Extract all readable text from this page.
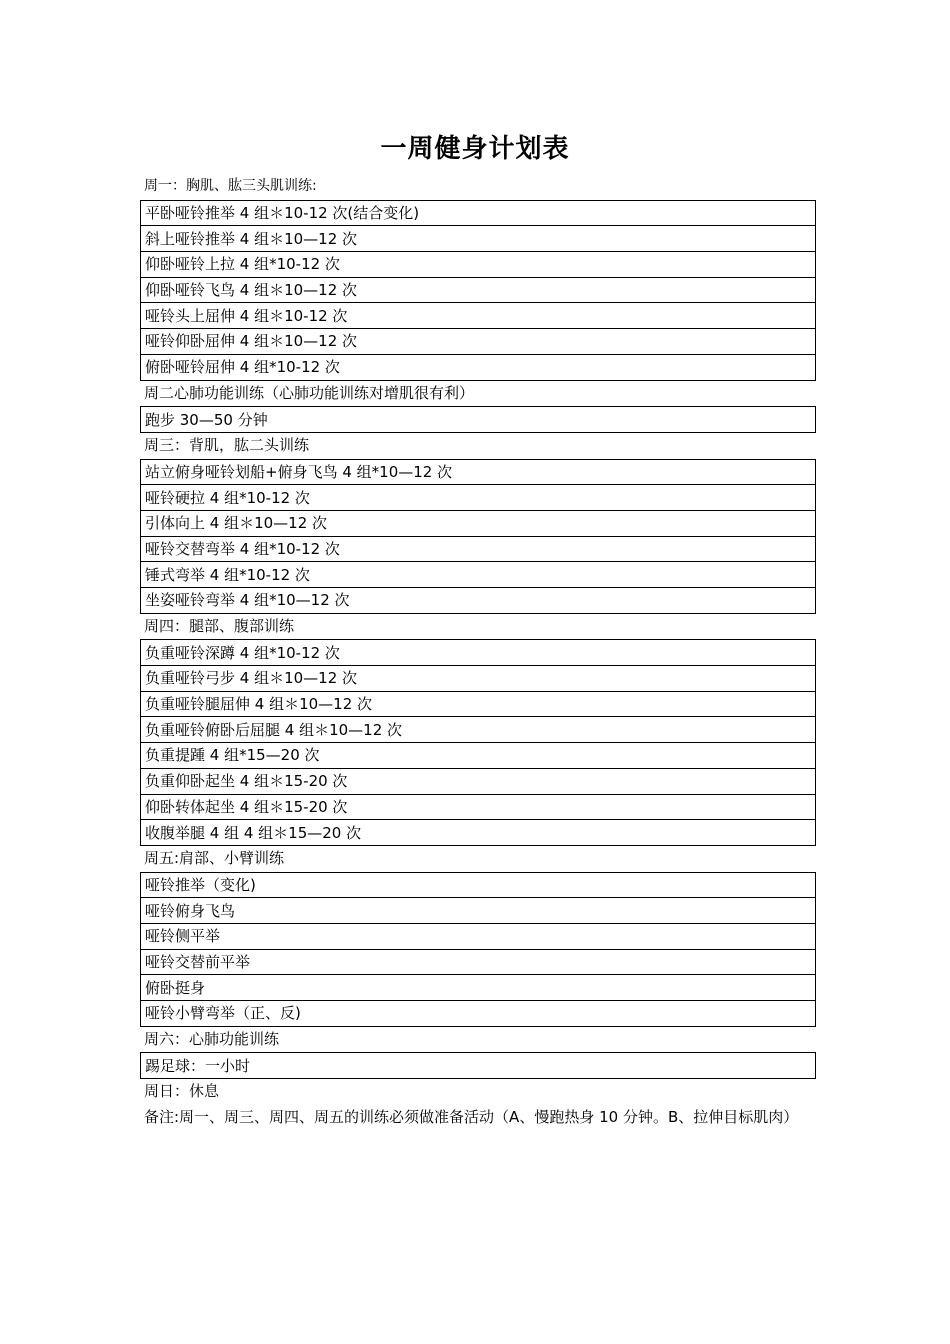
一周健身计划表
周一：胸肌、肱三头肌训练:
平卧哑铃推举 4 组＊10-12 次(结合变化)
斜上哑铃推举 4 组＊10—12 次
仰卧哑铃上拉 4 组*10-12 次
仰卧哑铃飞鸟 4 组＊10—12 次
哑铃头上屈伸 4 组＊10-12 次
哑铃仰卧屈伸 4 组＊10—12 次
俯卧哑铃屈伸 4 组*10-12 次
周二心肺功能训练（心肺功能训练对增肌很有利）
跑步 30—50 分钟
周三：背肌，肱二头训练
站立俯身哑铃划船+俯身飞鸟 4 组*10—12 次
哑铃硬拉 4 组*10-12 次
引体向上 4 组＊10—12 次
哑铃交替弯举 4 组*10-12 次
锤式弯举 4 组*10-12 次
坐姿哑铃弯举 4 组*10—12 次
周四：腿部、腹部训练
负重哑铃深蹲 4 组*10-12 次
负重哑铃弓步 4 组＊10—12 次
负重哑铃腿屈伸 4 组＊10—12 次
负重哑铃俯卧后屈腿 4 组＊10—12 次
负重提踵 4 组*15—20 次
负重仰卧起坐 4 组＊15-20 次
仰卧转体起坐 4 组＊15-20 次
收腹举腿 4 组 4 组＊15—20 次
周五:肩部、小臂训练
哑铃推举（变化)
哑铃俯身飞鸟
哑铃侧平举
哑铃交替前平举
俯卧挺身
哑铃小臂弯举（正、反)
周六：心肺功能训练
踢足球：一小时
周日：休息
备注:周一、周三、周四、周五的训练必须做准备活动（A、慢跑热身 10 分钟。B、拉伸目标肌肉）
